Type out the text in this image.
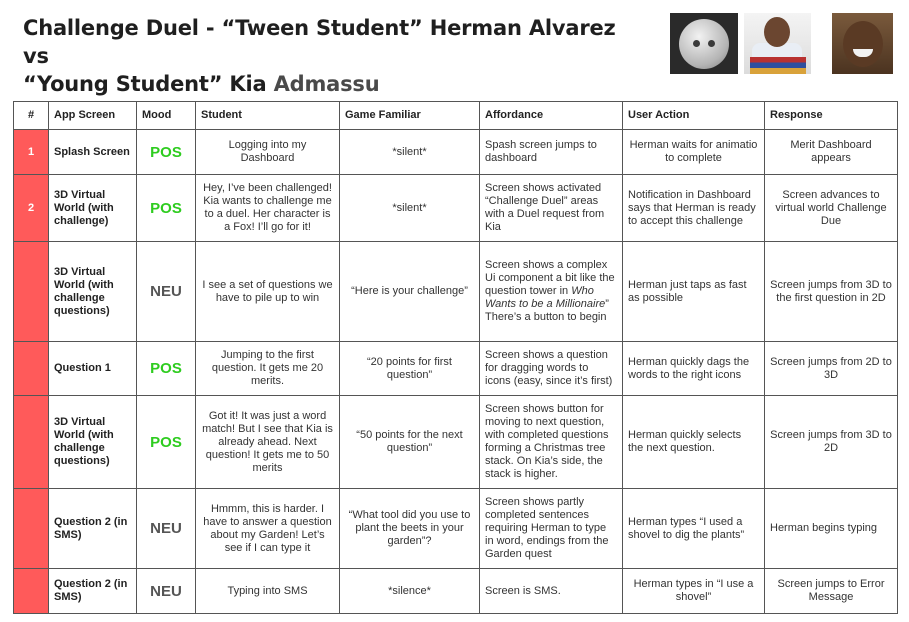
Challenge Duel - “Tween Student” Herman Alvarez vs
“Young Student” Kia Admassu
#	App Screen	Mood	Student	Game Familiar	Affordance	User Action	Response
1	Splash Screen	POS	Logging into my Dashboard	*silent*	Spash screen jumps to dashboard	Herman waits for animatio to complete	Merit Dashboard appears
2	3D Virtual World (with challenge)	POS	Hey, I’ve been challenged! Kia wants to challenge me to a duel. Her character is a Fox! I’ll go for it!	*silent*	Screen shows activated “Challenge Duel” areas with a Duel request from Kia	Notification in Dashboard says that Herman is ready to accept this challenge	Screen advances to virtual world Challenge Due
	3D Virtual World (with challenge questions)	NEU	I see a set of questions we have to pile up to win	“Here is your challenge”	Screen shows a complex Ui component a bit like the question tower in Who Wants to be a Millionaire” There’s a button to begin	Herman just taps as fast as possible	Screen jumps from 3D to the first question in 2D
	Question 1	POS	Jumping to the first question. It gets me 20 merits.	“20 points for first question”	Screen shows a question for dragging words to icons (easy, since it’s first)	Herman quickly dags the words to the right icons	Screen jumps from 2D to 3D
	3D Virtual World (with challenge questions)	POS	Got it! It was just a word match! But I see that Kia is already ahead. Next question! It gets me to 50 merits	“50 points for the next question”	Screen shows button for moving to next question, with completed questions forming a Christmas tree stack. On Kia’s side, the stack is higher.	Herman quickly selects the next question.	Screen jumps from 3D to 2D
	Question 2 (in SMS)	NEU	Hmmm, this is harder. I have to answer a question about my Garden! Let’s see if I can type it	“What tool did you use to plant the beets in your garden”?	Screen shows partly completed sentences requiring Herman to type in word, endings from the Garden quest	Herman types “I used a shovel to dig the plants”	Herman begins typing
	Question 2 (in SMS)	NEU	Typing into SMS	*silence*	Screen is SMS.	Herman types in “I use a shovel”	Screen jumps to Error Message
